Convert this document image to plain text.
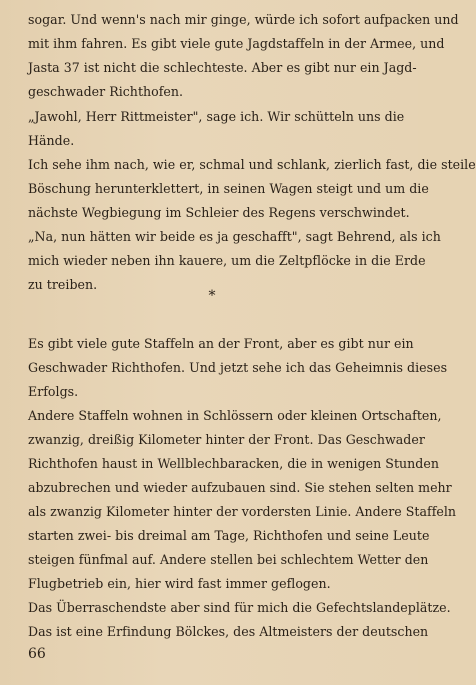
sogar. Und wenn's nach mir ginge, würde ich sofort aufpacken und
mit ihm fahren. Es gibt viele gute Jagdstaffeln in der Armee, und
Jasta 37 ist nicht die schlechteste. Aber es gibt nur ein Jagd-
geschwader Richthofen.
„Jawohl, Herr Rittmeister", sage ich. Wir schütteln uns die
Hände.
Ich sehe ihm nach, wie er, schmal und schlank, zierlich fast, die steile
Böschung herunterklettert, in seinen Wagen steigt und um die
nächste Wegbiegung im Schleier des Regens verschwindet.
„Na, nun hätten wir beide es ja geschafft", sagt Behrend, als ich
mich wieder neben ihn kauere, um die Zeltpflöcke in die Erde
zu treiben.
*
Es gibt viele gute Staffeln an der Front, aber es gibt nur ein
Geschwader Richthofen. Und jetzt sehe ich das Geheimnis dieses
Erfolgs.
Andere Staffeln wohnen in Schlössern oder kleinen Ortschaften,
zwanzig, dreißig Kilometer hinter der Front. Das Geschwader
Richthofen haust in Wellblechbaracken, die in wenigen Stunden
abzubrechen und wieder aufzubauen sind. Sie stehen selten mehr
als zwanzig Kilometer hinter der vordersten Linie. Andere Staffeln
starten zwei- bis dreimal am Tage, Richthofen und seine Leute
steigen fünfmal auf. Andere stellen bei schlechtem Wetter den
Flugbetrieb ein, hier wird fast immer geflogen.
Das Überraschendste aber sind für mich die Gefechtslandeplätze.
Das ist eine Erfindung Bölckes, des Altmeisters der deutschen
66
